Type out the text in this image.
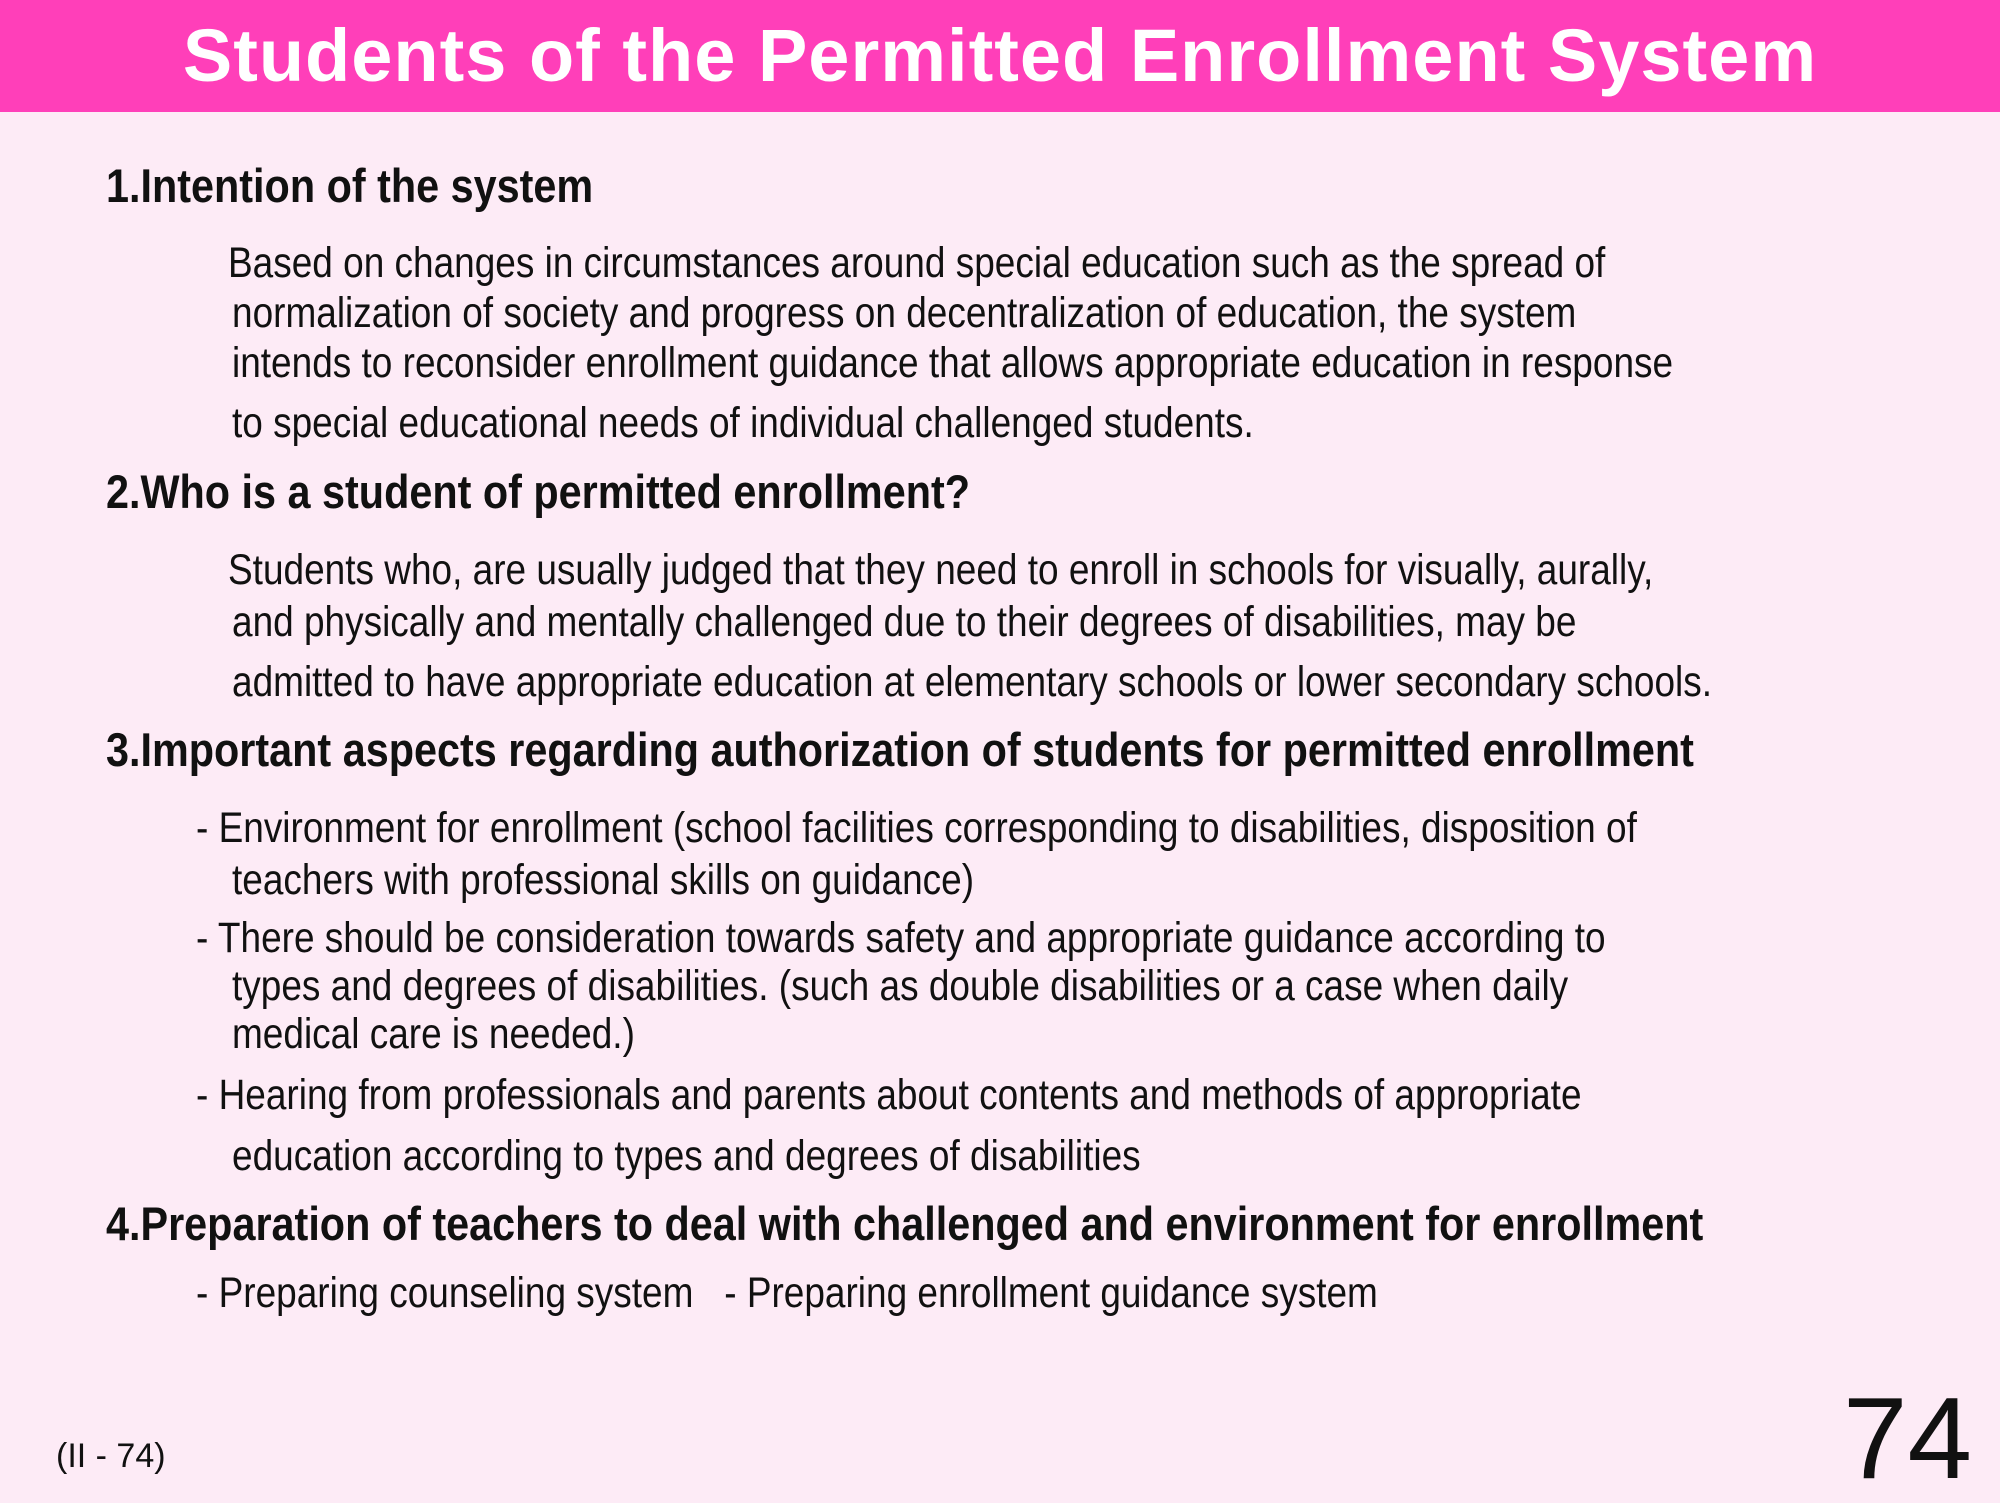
Students of the Permitted Enrollment System
1.Intention of the system
Based on changes in circumstances around special education such as the spread of
normalization of society and progress on decentralization of education, the system
intends to reconsider enrollment guidance that allows appropriate education in response
to special educational needs of individual challenged students.
2.Who is a student of permitted enrollment?
Students who, are usually judged that they need to enroll in schools for visually, aurally,
and physically and mentally challenged due to their degrees of disabilities, may be
admitted to have appropriate education at elementary schools or lower secondary schools.
3.Important aspects regarding authorization of students for permitted enrollment
- Environment for enrollment (school facilities corresponding to disabilities, disposition of
teachers with professional skills on guidance)
- There should be consideration towards safety and appropriate guidance according to
types and degrees of disabilities. (such as double disabilities or a case when daily
medical care is needed.)
- Hearing from professionals and parents about contents and methods of appropriate
education according to types and degrees of disabilities
4.Preparation of teachers to deal with challenged and environment for enrollment
- Preparing counseling system   - Preparing enrollment guidance system
(II - 74)	74
